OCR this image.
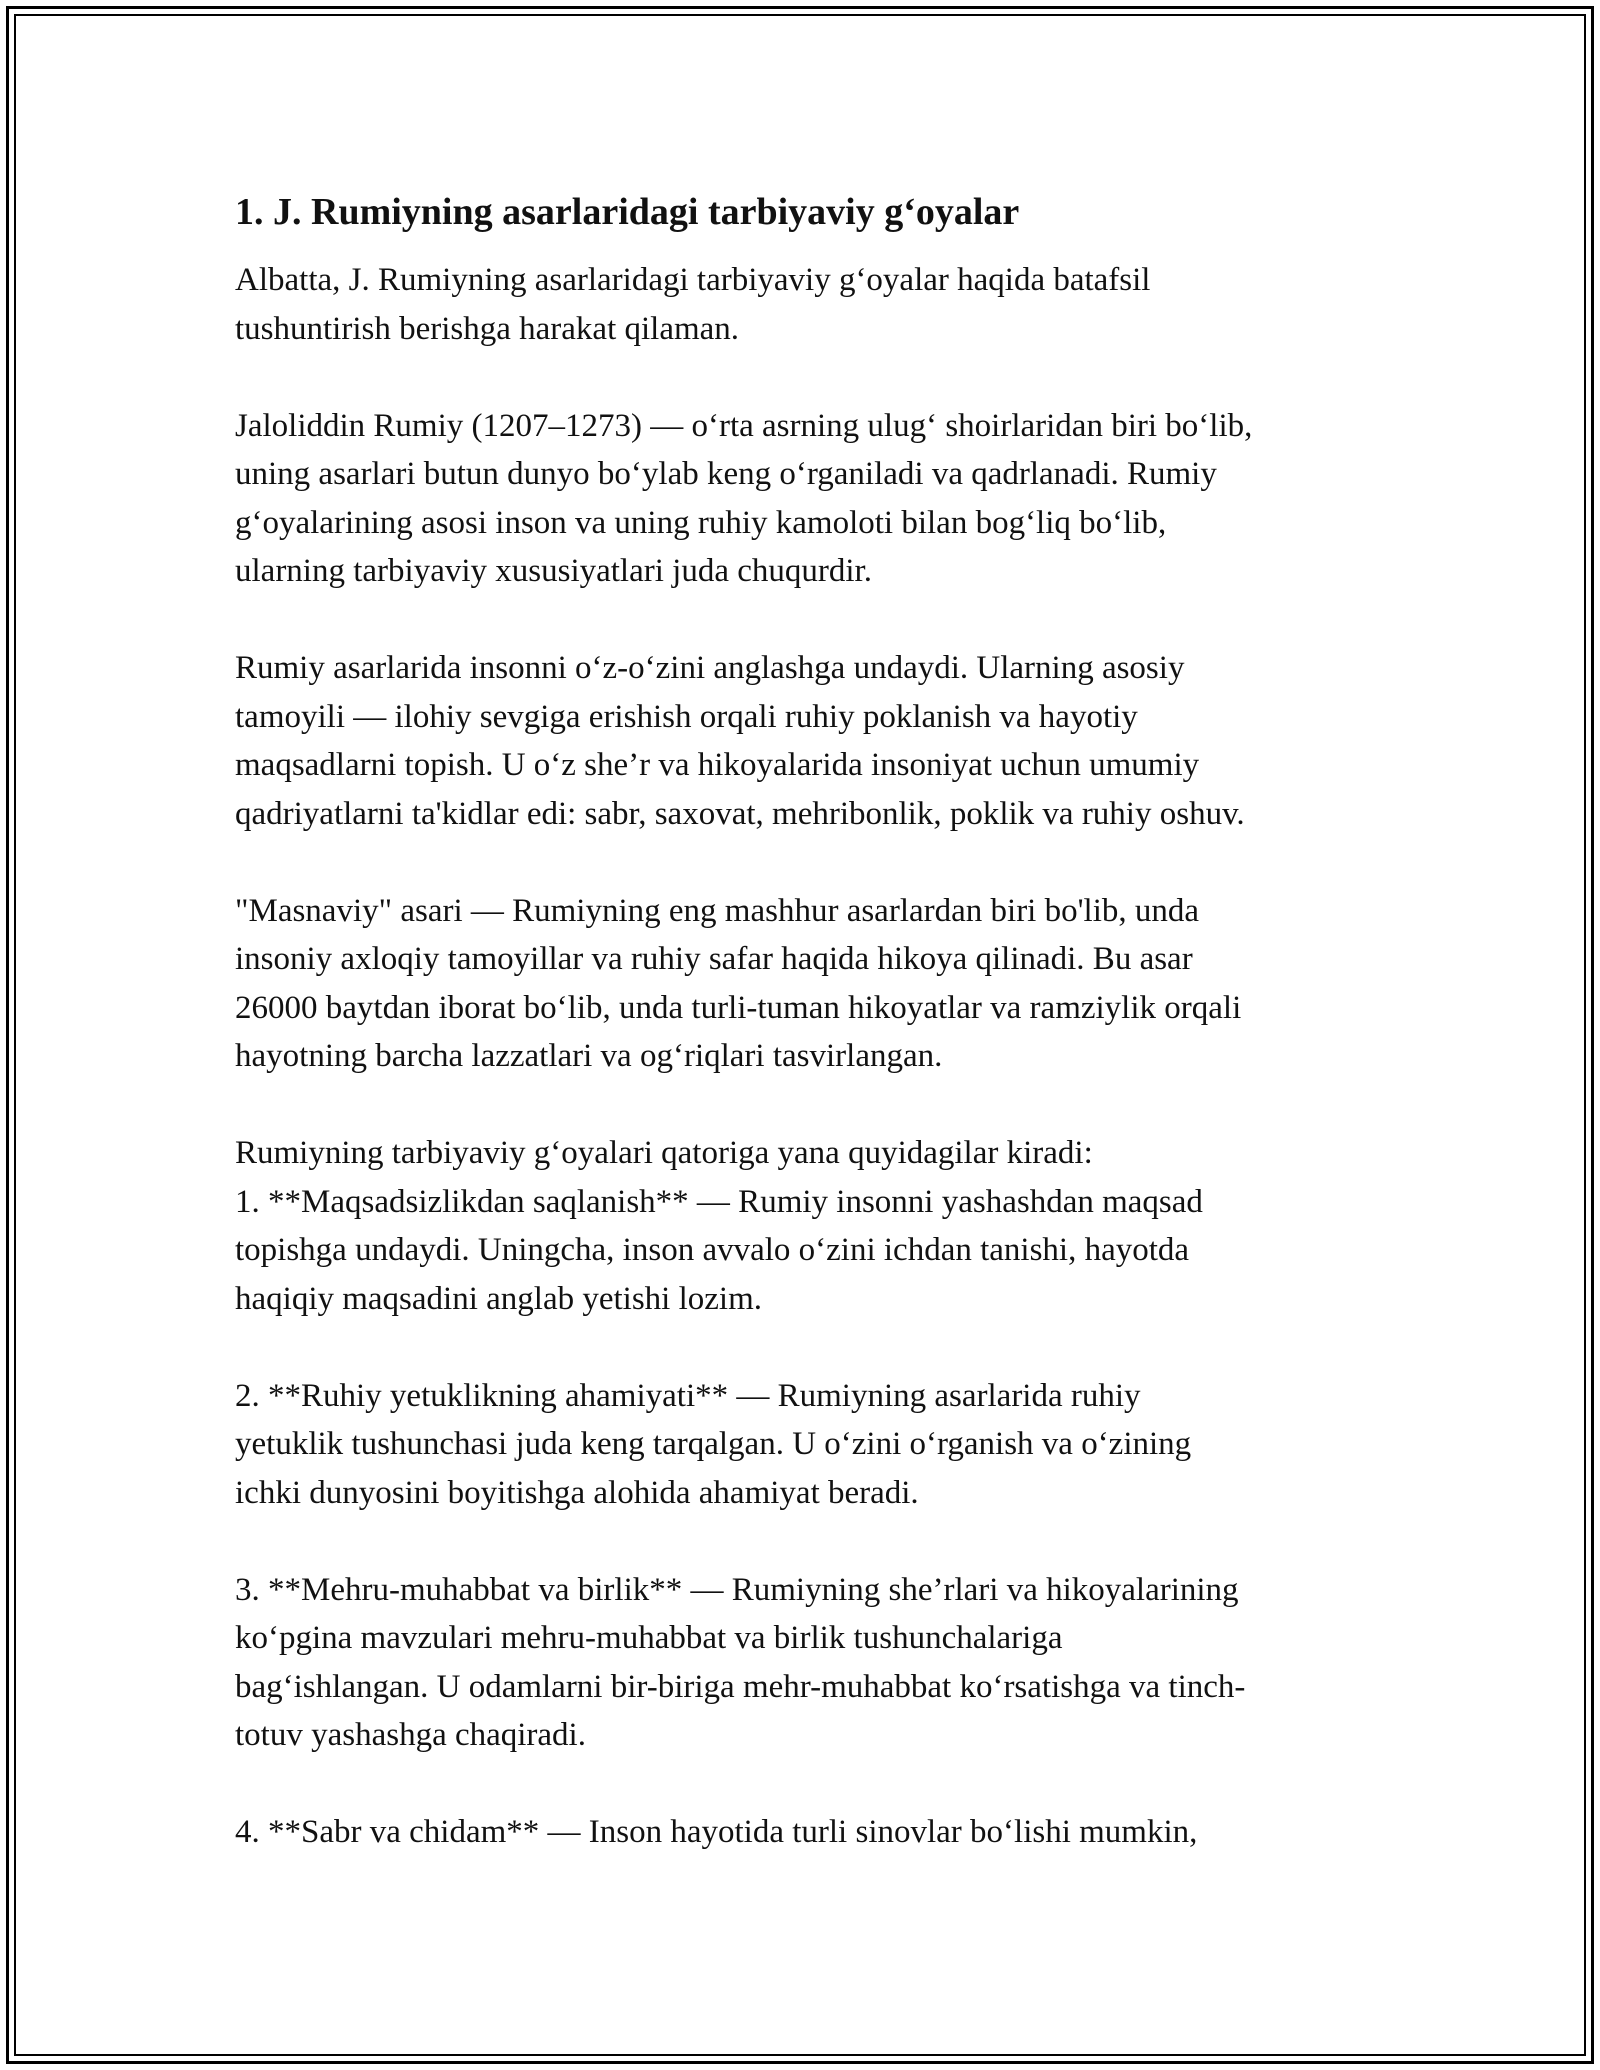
1. J. Rumiyning asarlaridagi tarbiyaviy g‘oyalar

Albatta, J. Rumiyning asarlaridagi tarbiyaviy g‘oyalar haqida batafsil
tushuntirish berishga harakat qilaman.

Jaloliddin Rumiy (1207–1273) — o‘rta asrning ulug‘ shoirlaridan biri bo‘lib,
uning asarlari butun dunyo bo‘ylab keng o‘rganiladi va qadrlanadi. Rumiy
g‘oyalarining asosi inson va uning ruhiy kamoloti bilan bog‘liq bo‘lib,
ularning tarbiyaviy xususiyatlari juda chuqurdir.

Rumiy asarlarida insonni o‘z-o‘zini anglashga undaydi. Ularning asosiy
tamoyili — ilohiy sevgiga erishish orqali ruhiy poklanish va hayotiy
maqsadlarni topish. U o‘z she’r va hikoyalarida insoniyat uchun umumiy
qadriyatlarni ta'kidlar edi: sabr, saxovat, mehribonlik, poklik va ruhiy oshuv.

"Masnaviy" asari — Rumiyning eng mashhur asarlardan biri bo'lib, unda
insoniy axloqiy tamoyillar va ruhiy safar haqida hikoya qilinadi. Bu asar
26000 baytdan iborat bo‘lib, unda turli-tuman hikoyatlar va ramziylik orqali
hayotning barcha lazzatlari va og‘riqlari tasvirlangan.

Rumiyning tarbiyaviy g‘oyalari qatoriga yana quyidagilar kiradi:
1. **Maqsadsizlikdan saqlanish** — Rumiy insonni yashashdan maqsad
topishga undaydi. Uningcha, inson avvalo o‘zini ichdan tanishi, hayotda
haqiqiy maqsadini anglab yetishi lozim.

2. **Ruhiy yetuklikning ahamiyati** — Rumiyning asarlarida ruhiy
yetuklik tushunchasi juda keng tarqalgan. U o‘zini o‘rganish va o‘zining
ichki dunyosini boyitishga alohida ahamiyat beradi.

3. **Mehru-muhabbat va birlik** — Rumiyning she’rlari va hikoyalarining
ko‘pgina mavzulari mehru-muhabbat va birlik tushunchalariga
bag‘ishlangan. U odamlarni bir-biriga mehr-muhabbat ko‘rsatishga va tinch-
totuv yashashga chaqiradi.

4. **Sabr va chidam** — Inson hayotida turli sinovlar bo‘lishi mumkin,
